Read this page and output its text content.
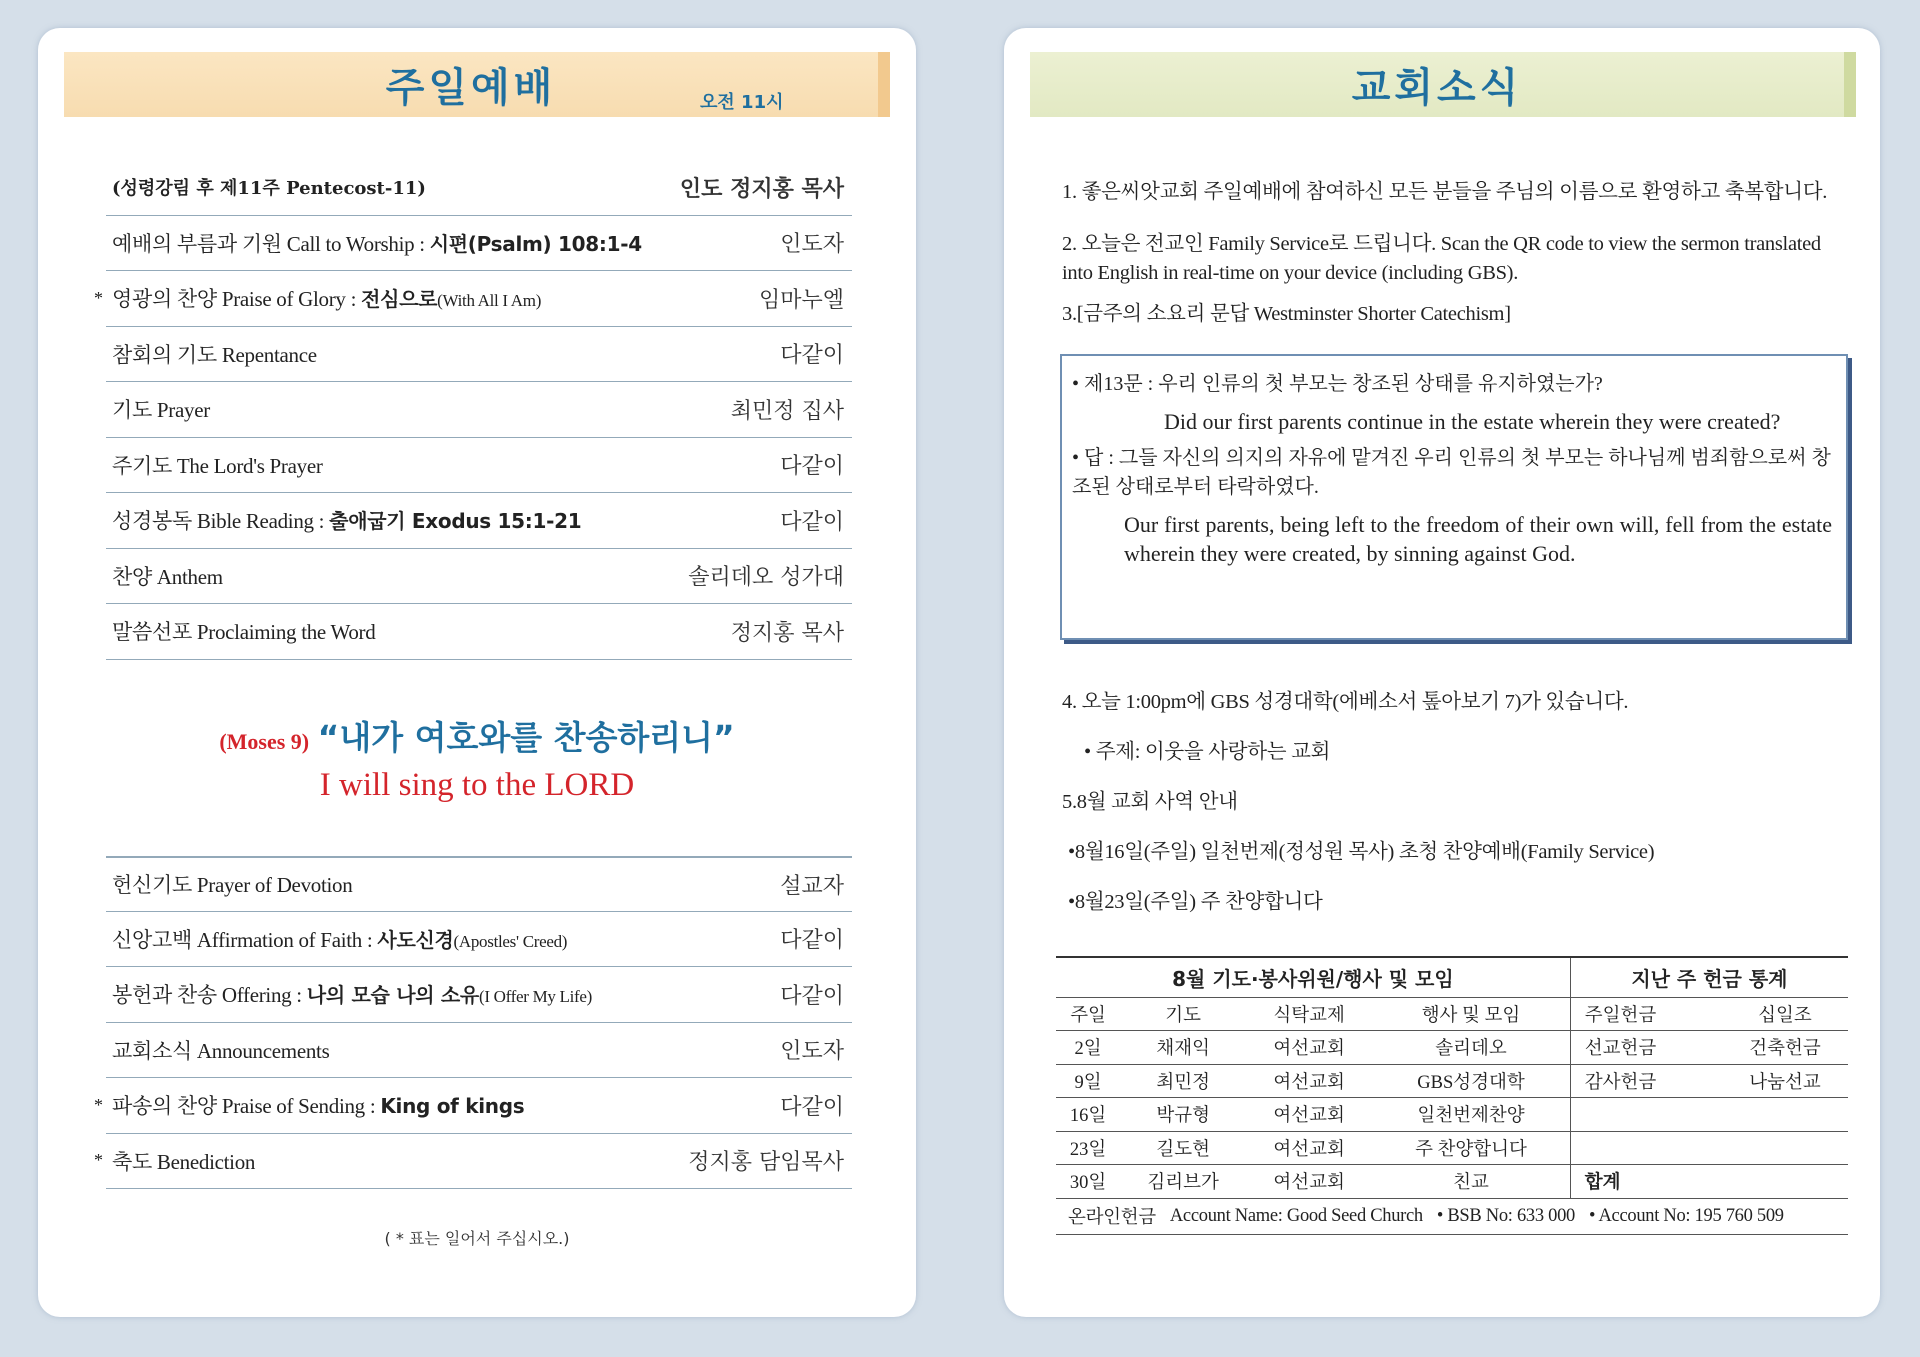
주일예배	오전 11시
(성령강림 후 제11주 Pentecost-11)	인도 정지홍 목사
예배의 부름과 기원 Call to Worship : 시편(Psalm) 108:1-4	인도자
* 영광의 찬양 Praise of Glory : 전심으로(With All I Am)	임마누엘
참회의 기도 Repentance	다같이
기도 Prayer	최민정 집사
주기도 The Lord's Prayer	다같이
성경봉독 Bible Reading : 출애굽기 Exodus 15:1-21	다같이
찬양 Anthem	솔리데오 성가대
말씀선포 Proclaiming the Word	정지홍 목사
(Moses 9) “내가 여호와를 찬송하리니”
I will sing to the LORD
헌신기도 Prayer of Devotion	설교자
신앙고백 Affirmation of Faith : 사도신경(Apostles' Creed)	다같이
봉헌과 찬송 Offering : 나의 모습 나의 소유(I Offer My Life)	다같이
교회소식 Announcements	인도자
* 파송의 찬양 Praise of Sending : King of kings	다같이
* 축도 Benediction	정지홍 담임목사
( * 표는 일어서 주십시오.)
교회소식
1. 좋은씨앗교회 주일예배에 참여하신 모든 분들을 주님의 이름으로 환영하고 축복합니다.
2. 오늘은 전교인 Family Service로 드립니다. Scan the QR code to view the sermon translated into English in real-time on your device (including GBS).
3.[금주의 소요리 문답 Westminster Shorter Catechism]

• 제13문 : 우리 인류의 첫 부모는 창조된 상태를 유지하였는가?

Did our first parents continue in the estate wherein they were created?

• 답 : 그들 자신의 의지의 자유에 맡겨진 우리 인류의 첫 부모는 하나님께 범죄함으로써 창조된 상태로부터 타락하였다.

Our first parents, being left to the freedom of their own will, fell from the estate wherein they were created, by sinning against God.

4. 오늘 1:00pm에 GBS 성경대학(에베소서 톺아보기 7)가 있습니다.
• 주제: 이웃을 사랑하는 교회
5.8월 교회 사역 안내
•8월16일(주일) 일천번제(정성원 목사) 초청 찬양예배(Family Service)
•8월23일(주일) 주 찬양합니다
8월 기도·봉사위원/행사 및 모임				지난 주 헌금 통계	
주일	기도	식탁교제	행사 및 모임	주일헌금	십일조
2일	채재익	여선교회	솔리데오	선교헌금	건축헌금
9일	최민정	여선교회	GBS성경대학	감사헌금	나눔선교
16일	박규형	여선교회	일천번제찬양		
23일	길도현	여선교회	주 찬양합니다		
30일	김리브가	여선교회	친교	합계	
온라인헌금 Account Name: Good Seed Church • BSB No: 633 000 • Account No: 195 760 509
